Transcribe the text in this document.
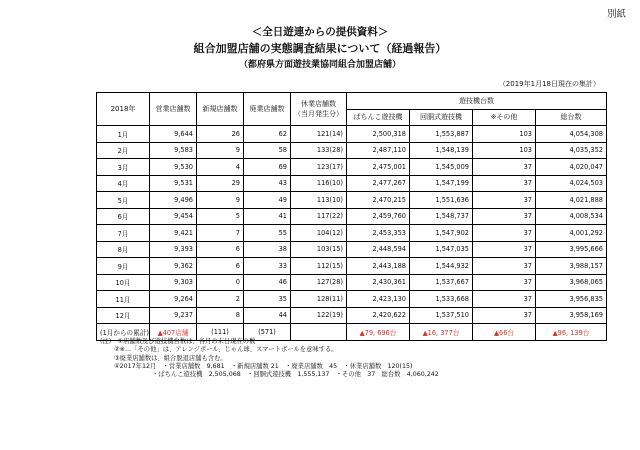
別紙
＜全日遊連からの提供資料＞
組合加盟店舗の実態調査結果について（経過報告）
（都府県方面遊技業協同組合加盟店舗）
（2019年1月18日現在の集計）
2018年	営業店舗数	新規店舗数	廃業店舗数	休業店舗数
（当月発生分）	遊技機台数			
					ぱちんこ遊技機	回胴式遊技機	※その他	総台数
1月	9,644	26	62	121(14)	2,500,318	1,553,887	103	4,054,308
2月	9,583	9	58	133(28)	2,487,110	1,548,139	103	4,035,352
3月	9,530	4	69	123(17)	2,475,001	1,545,009	37	4,020,047
4月	9,531	29	43	116(10)	2,477,267	1,547,199	37	4,024,503
5月	9,496	9	49	113(10)	2,470,215	1,551,636	37	4,021,888
6月	9,454	5	41	117(22)	2,459,760	1,548,737	37	4,008,534
7月	9,421	7	55	104(12)	2,453,353	1,547,902	37	4,001,292
8月	9,393	6	38	103(15)	2,448,594	1,547,035	37	3,995,666
9月	9,362	6	33	112(15)	2,443,188	1,544,932	37	3,988,157
10月	9,303	0	46	127(28)	2,430,361	1,537,667	37	3,968,065
11月	9,264	2	35	128(11)	2,423,130	1,533,668	37	3,956,835
12月	9,237	8	44	122(19)	2,420,622	1,537,510	37	3,958,169
(1月からの累計)	▲407店舗	(111)	(571)		▲79, 696台	▲16, 377台	▲66台	▲96, 139台
(注)　①店舗数及び遊技機台数は、各月の末日現在の数
②※…「その他」は、アレンジボール、じゃん球、スマートボールを意味する。
③廃業店舗数は、組合脱退店舗も含む。
④2017年12月　・営業店舗数　9,681　・新規店舗数 21　・廃業店舗数　45　・休業店舗数　120(15)
・ぱちんこ遊技機　2,505,068　・回胴式遊技機　1,555,137　・その他　37　総台数　4,060,242
